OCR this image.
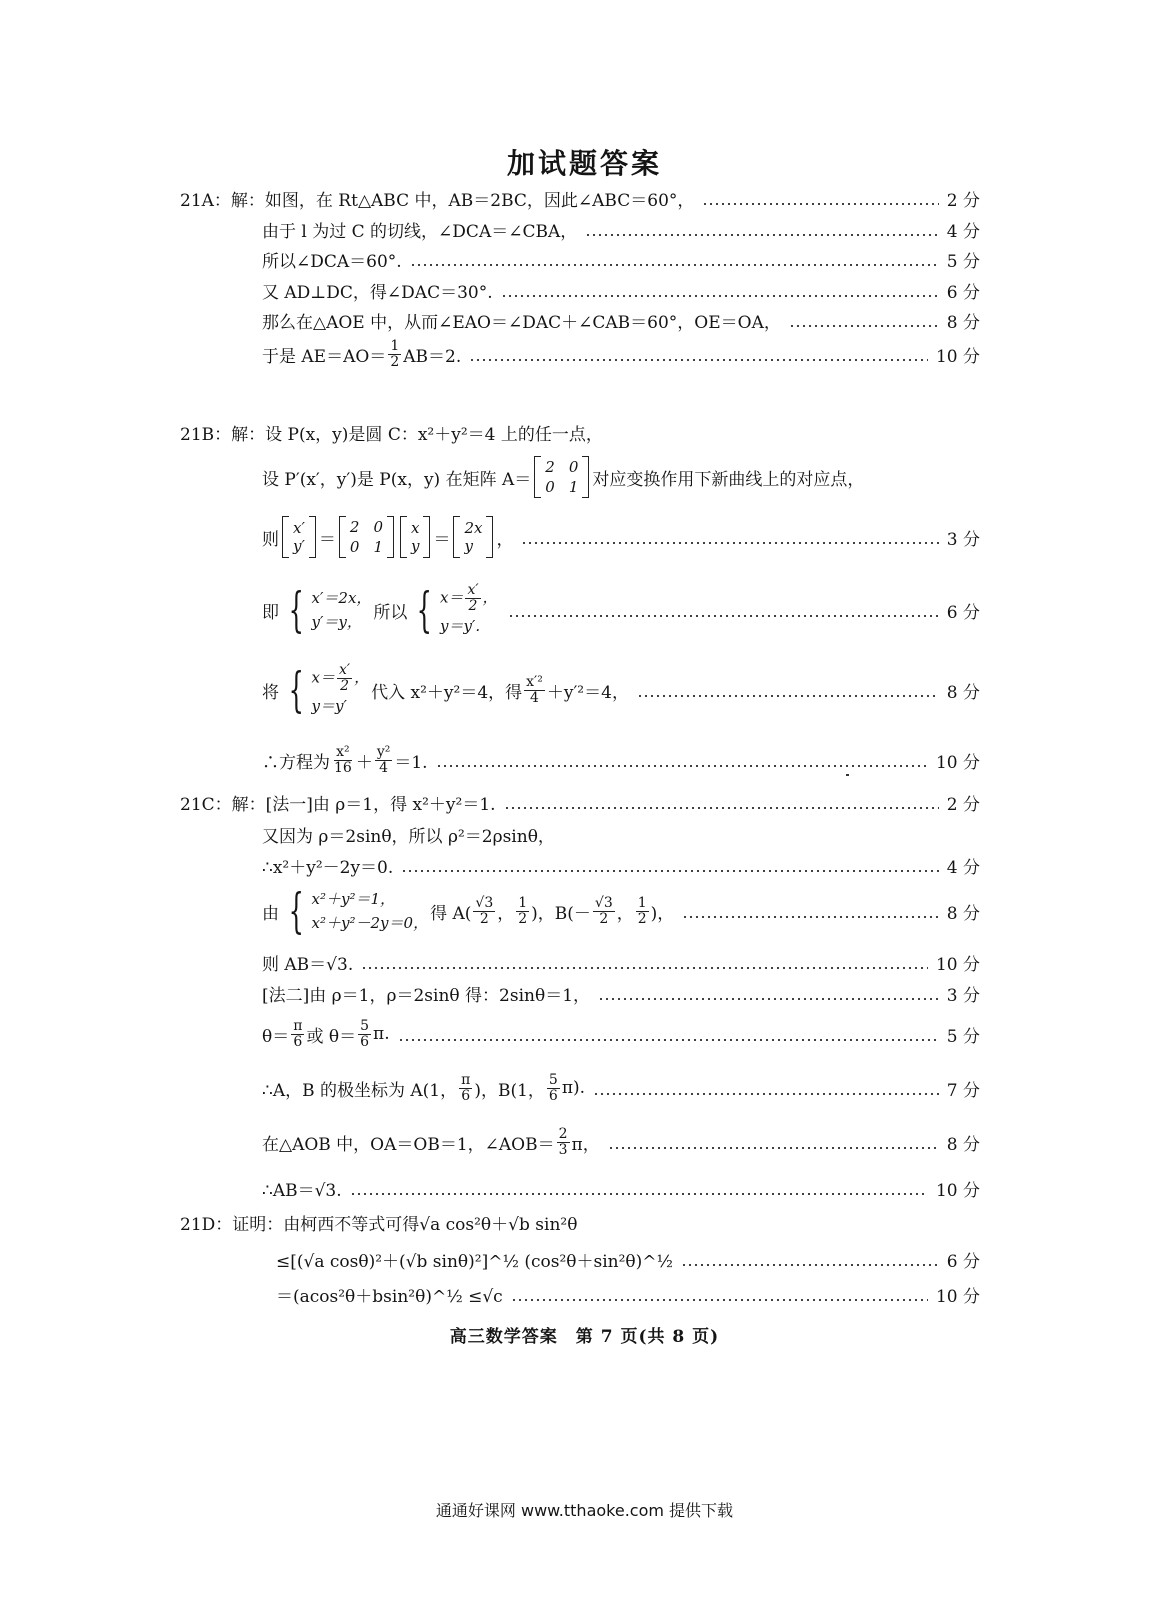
加试题答案
21A：解：如图，在 Rt△ABC 中，AB＝2BC，因此∠ABC＝60°，	2 分
由于 l 为过 C 的切线，∠DCA＝∠CBA，	4 分
所以∠DCA＝60°.	5 分
又 AD⊥DC，得∠DAC＝30°.	6 分
那么在△AOE 中，从而∠EAO＝∠DAC＋∠CAB＝60°，OE＝OA，	8 分
于是 $AE=AO= \frac{1}{2} AB=2$.	10 分
21B：解：设 P(x，y)是圆 C：x²＋y²＝4 上的任一点，
设 P′(x′，y′)是 P(x，y) 在矩阵 A＝
2 0
0 1 对应变换作用下新曲线上的对应点，
则
x′
y′ ＝
2 0
0 1
x
y ＝
2x
y	，	3 分
即 { x′＝2x，
y′＝y， 所以 { $x= \frac{x'}{2}$ ，
y＝y′.
6 分
将 { $x= \frac{x'}{2}$ ，
y＝y′
代入 x²＋y²＝4，得 $\frac{\text{x′²}}{4} +y'^2=4$，	8 分
∴方程为 $\frac{\text{x²}}{16} + \frac{\text{y²}}{4} =1$.	10 分
21C：解：[法一]由 ρ＝1，得 x²＋y²＝1.	2 分
又因为 ρ＝2sinθ，所以 ρ²＝2ρsinθ，
∴x²＋y²－2y＝0.	4 分
由 { x²＋y²＝1，
x²＋y²－2y＝0， 得 $A( \frac{√3}{2}$ ， $\frac{1}{2}$ )，$B(- \frac{√3}{2}$ ， $\frac{1}{2}$ )，	8 分
则 AB＝√3.	10 分
[法二]由 ρ＝1，ρ＝2sinθ 得：2sinθ＝1，	3 分
$\theta= \frac{\pi}{6}$ 或 $\theta= \frac{5}{6} \pi$.	5 分
∴A，B 的极坐标为 A(1， $\frac{\pi}{6}$ )，B(1， $\frac{5}{6} \pi$).	7 分
在△AOB 中，OA＝OB＝1，∠AOB＝ $\frac{2}{3}$ π，	8 分
∴AB＝√3.	10 分
21D：证明：由柯西不等式可得√a cos²θ＋√b sin²θ
≤[(√a cosθ)²＋(√b sinθ)²]^½ (cos²θ＋sin²θ)^½	6 分
＝(acos²θ＋bsin²θ)^½ ≤√c	10 分
高三数学答案　第 7 页(共 8 页)
通通好课网 www.tthaoke.com 提供下载
